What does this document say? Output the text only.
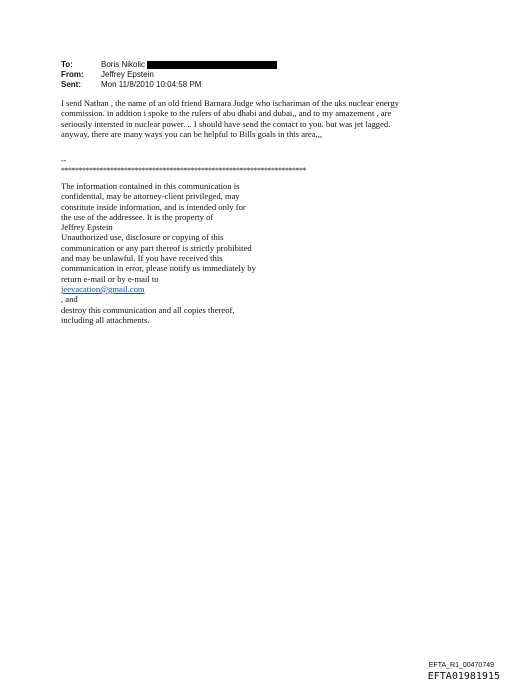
To:	Boris Nikolic
From:	Jeffrey Epstein
Sent:	Mon 11/8/2010 10:04:58 PM

I send Nathan , the name of an old friend Barnara Judge who ischariman of the uks nuclear energy

commission. in addtion i spoke to the rulers of abu dhabi and dubai,, and to my amazement , are

seriously intersted in nuclear power. .. I should have send the contact to you. but was jet lagged.

anyway, there are many ways you can be helpful to Bills goals in this area,,,

--
**********************************************************************
The information contained in this communication is
confidential, may be attorney-client privileged, may
constitute inside information, and is intended only for
the use of the addressee. It is the property of
Jeffrey Epstein
Unauthorized use, disclosure or copying of this
communication or any part thereof is strictly prohibited
and may be unlawful. If you have received this
communication in error, please notify us immediately by
return e-mail or by e-mail to
jeevacation@gmail.com
, and
destroy this communication and all copies thereof,
including all attachments.
EFTA_R1_00470749
EFTA01981915
